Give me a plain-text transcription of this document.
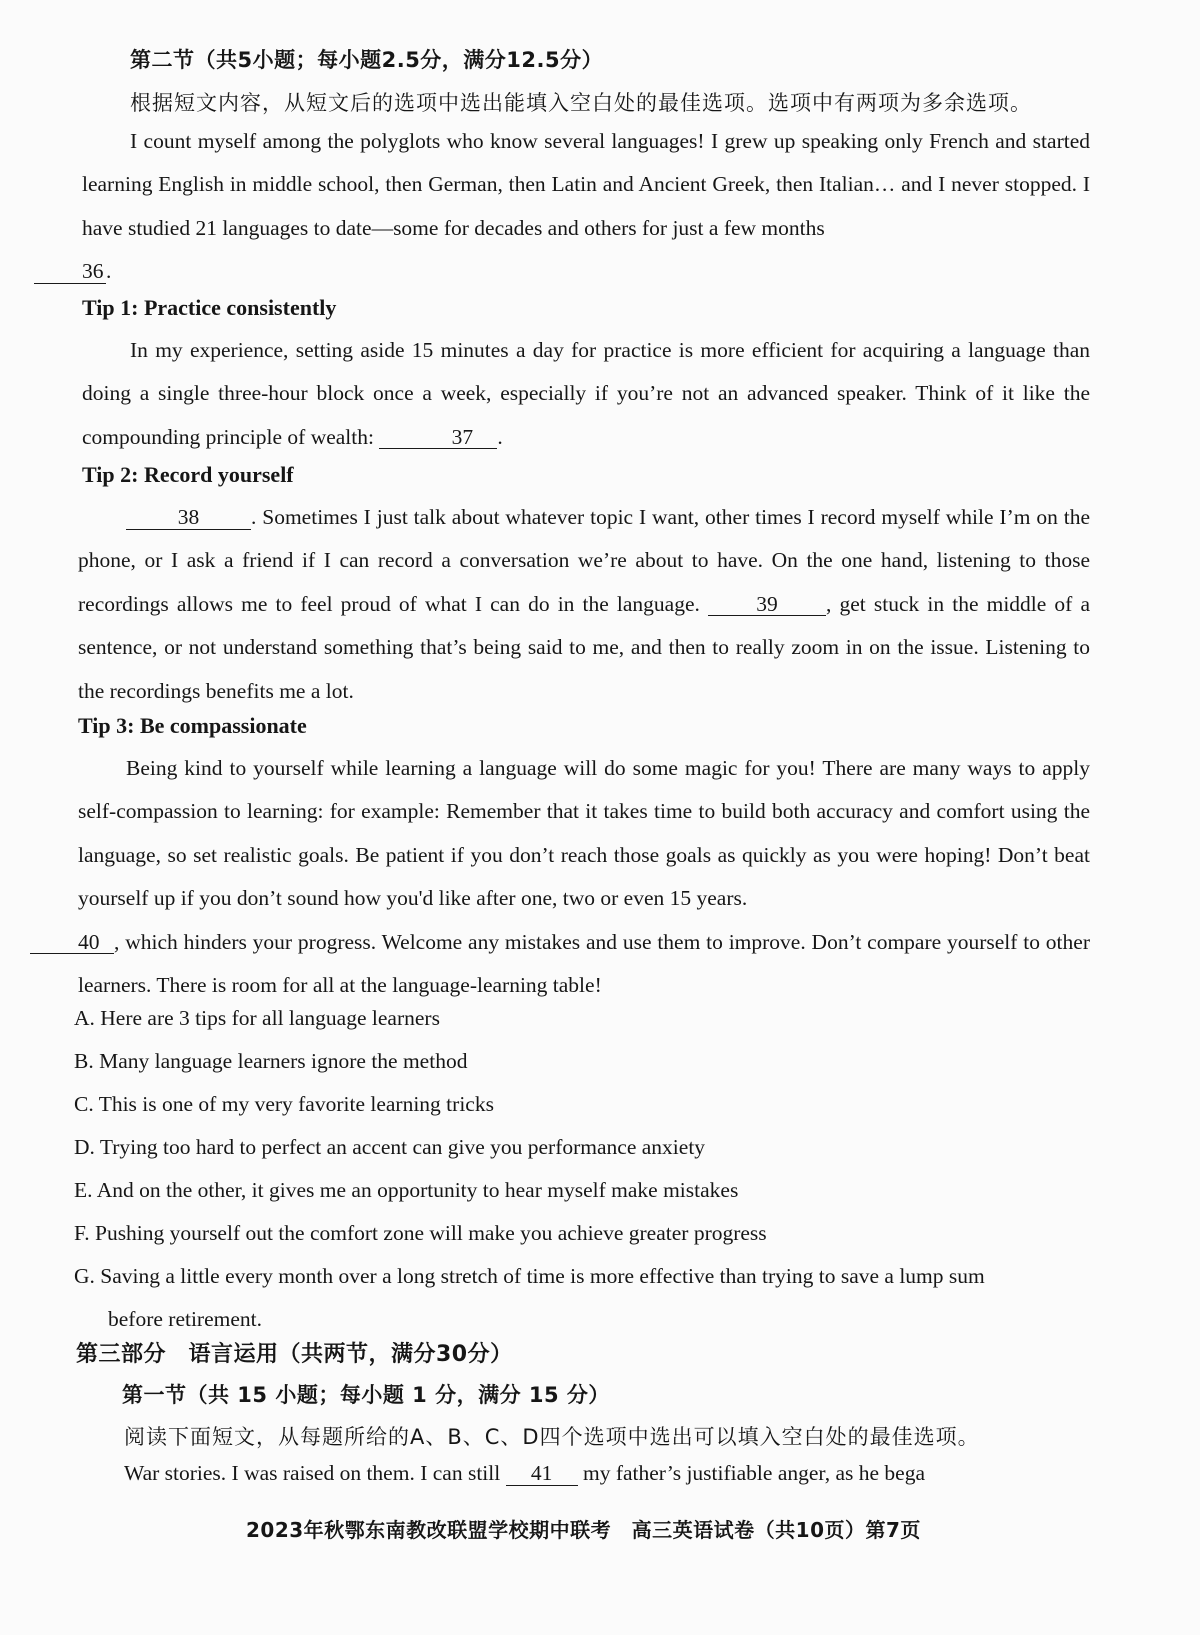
第二节（共5小题；每小题2.5分，满分12.5分）
根据短文内容，从短文后的选项中选出能填入空白处的最佳选项。选项中有两项为多余选项。
I count myself among the polyglots who know several languages! I grew up speaking only French and started learning English in middle school, then German, then Latin and Ancient Greek, then Italian… and I never stopped. I have studied 21 languages to date—some for decades and others for just a few months
36 .
Tip 1: Practice consistently
In my experience, setting aside 15 minutes a day for practice is more efficient for acquiring a language than doing a single three-hour block once a week, especially if you’re not an advanced speaker. Think of it like the compounding principle of wealth:	37 .
Tip 2: Record yourself
38 . Sometimes I just talk about whatever topic I want, other times I record myself while I’m on the phone, or I ask a friend if I can record a conversation we’re about to have. On the one hand, listening to those recordings allows me to feel proud of what I can do in the language.	39 , get stuck in the middle of a sentence, or not understand something that’s being said to me, and then to really zoom in on the issue. Listening to the recordings benefits me a lot.
Tip 3: Be compassionate
Being kind to yourself while learning a language will do some magic for you! There are many ways to apply self-compassion to learning: for example: Remember that it takes time to build both accuracy and comfort using the language, so set realistic goals. Be patient if you don’t reach those goals as quickly as you were hoping! Don’t beat yourself up if you don’t sound how you'd like after one, two or even 15 years.
40 , which hinders your progress. Welcome any mistakes and use them to improve. Don’t compare yourself to other learners. There is room for all at the language-learning table!
A. Here are 3 tips for all language learners
B. Many language learners ignore the method
C. This is one of my very favorite learning tricks
D. Trying too hard to perfect an accent can give you performance anxiety
E. And on the other, it gives me an opportunity to hear myself make mistakes
F. Pushing yourself out the comfort zone will make you achieve greater progress
G. Saving a little every month over a long stretch of time is more effective than trying to save a lump sum
before retirement.
第三部分　语言运用（共两节，满分30分）
第一节（共 15 小题；每小题 1 分，满分 15 分）
阅读下面短文，从每题所给的A、B、C、D四个选项中选出可以填入空白处的最佳选项。
War stories. I was raised on them. I can still 41 my father’s justifiable anger, as he bega
2023年秋鄂东南教改联盟学校期中联考　高三英语试卷（共10页）第7页
